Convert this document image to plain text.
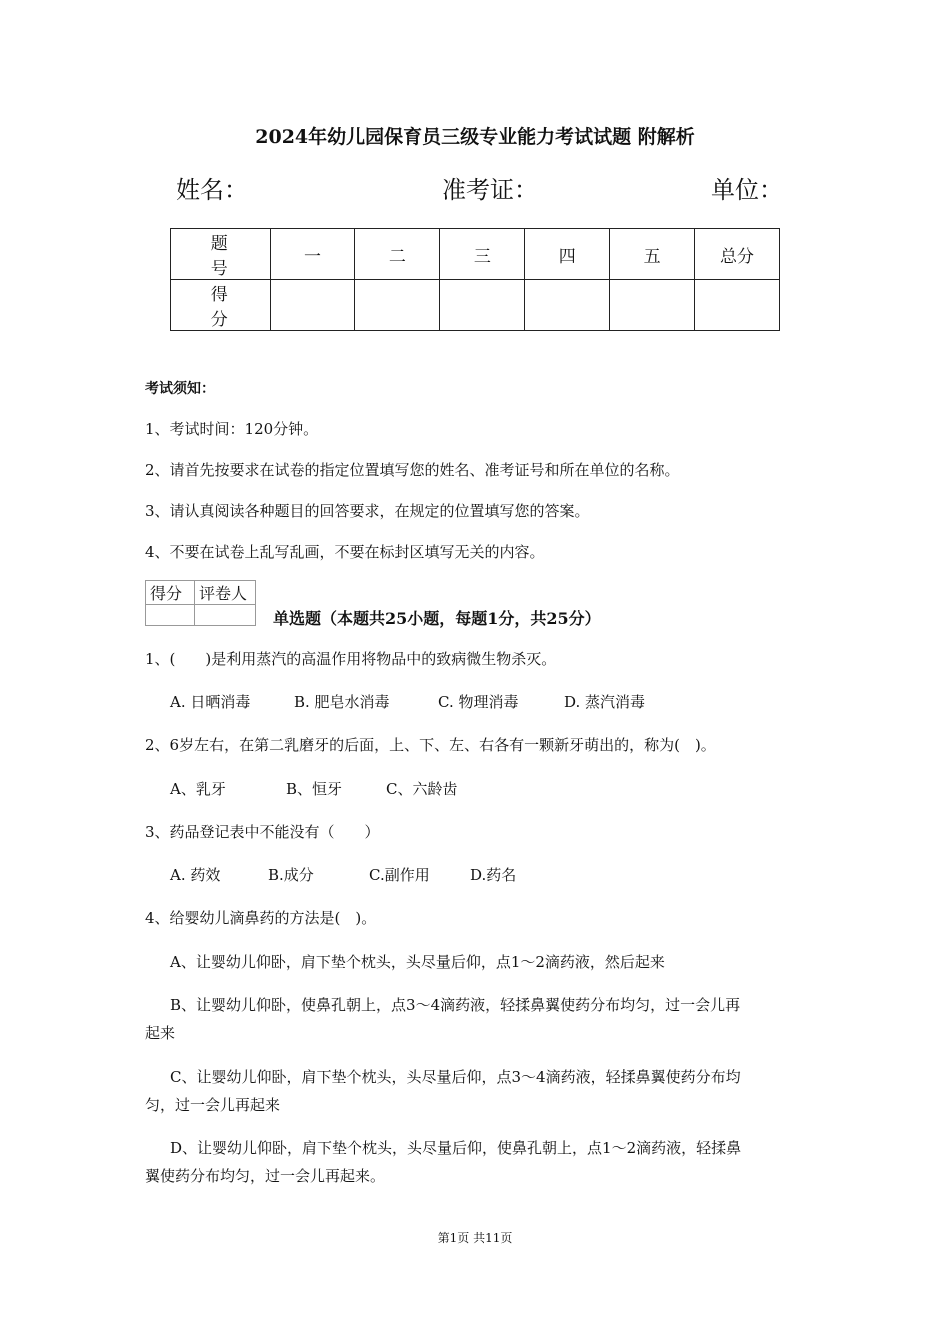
2024年幼儿园保育员三级专业能力考试试题 附解析
姓名：	准考证：	单位：
题 号	一	二	三	四	五	总分
得 分						
考试须知：
1、考试时间：120分钟。
2、请首先按要求在试卷的指定位置填写您的姓名、准考证号和所在单位的名称。
3、请认真阅读各种题目的回答要求，在规定的位置填写您的答案。
4、不要在试卷上乱写乱画，不要在标封区填写无关的内容。
得分	评卷人

单选题（本题共25小题，每题1分，共25分）
1、(　　)是利用蒸汽的高温作用将物品中的致病微生物杀灭。
A. 日晒消毒	B. 肥皂水消毒	C. 物理消毒	D. 蒸汽消毒
2、6岁左右，在第二乳磨牙的后面，上、下、左、右各有一颗新牙萌出的，称为(　)。
A、乳牙	B、恒牙	C、六龄齿
3、药品登记表中不能没有（　　）
A. 药效	B.成分	C.副作用	D.药名
4、给婴幼儿滴鼻药的方法是(　)。
A、让婴幼儿仰卧，肩下垫个枕头，头尽量后仰，点1～2滴药液，然后起来
B、让婴幼儿仰卧，使鼻孔朝上，点3～4滴药液，轻揉鼻翼使药分布均匀，过一会儿再
起来
C、让婴幼儿仰卧，肩下垫个枕头，头尽量后仰，点3～4滴药液，轻揉鼻翼使药分布均
匀，过一会儿再起来
D、让婴幼儿仰卧，肩下垫个枕头，头尽量后仰，使鼻孔朝上，点1～2滴药液，轻揉鼻
翼使药分布均匀，过一会儿再起来。
第1页 共11页
